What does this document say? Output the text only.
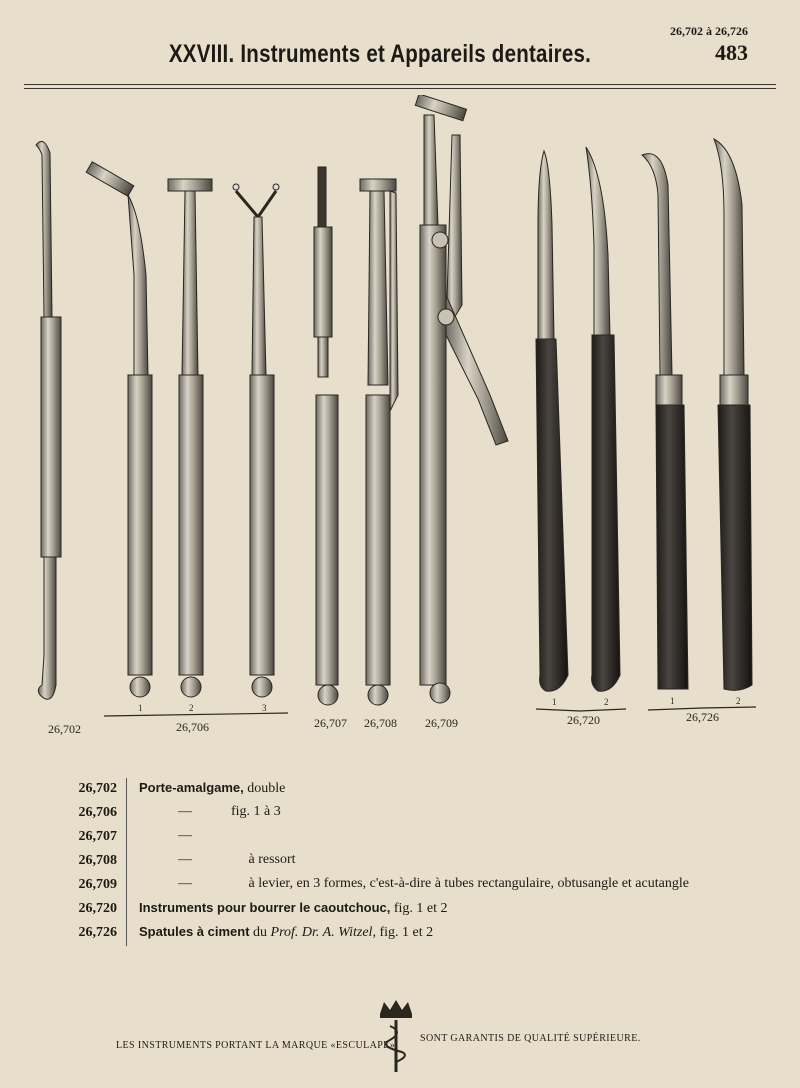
26,702 à 26,726
483
XXVIII. Instruments et Appareils dentaires.
26,702
1	2	3
26,706	26,707 26,708 26,709
1	2
26,720
1	2
26,726
26,702 Porte-amalgame, double
26,706	—	fig. 1 à 3
26,707	—
26,708	—	à ressort
26,709	—	à levier, en 3 formes, c'est-à-dire à tubes rectangulaire, obtusangle et acutangle
26,720 Instruments pour bourrer le caoutchouc, fig. 1 et 2
26,726 Spatules à ciment du Prof. Dr. A. Witzel, fig. 1 et 2
LES INSTRUMENTS PORTANT LA MARQUE «ESCULAPE»
SONT GARANTIS DE QUALITÉ SUPÉRIEURE.
